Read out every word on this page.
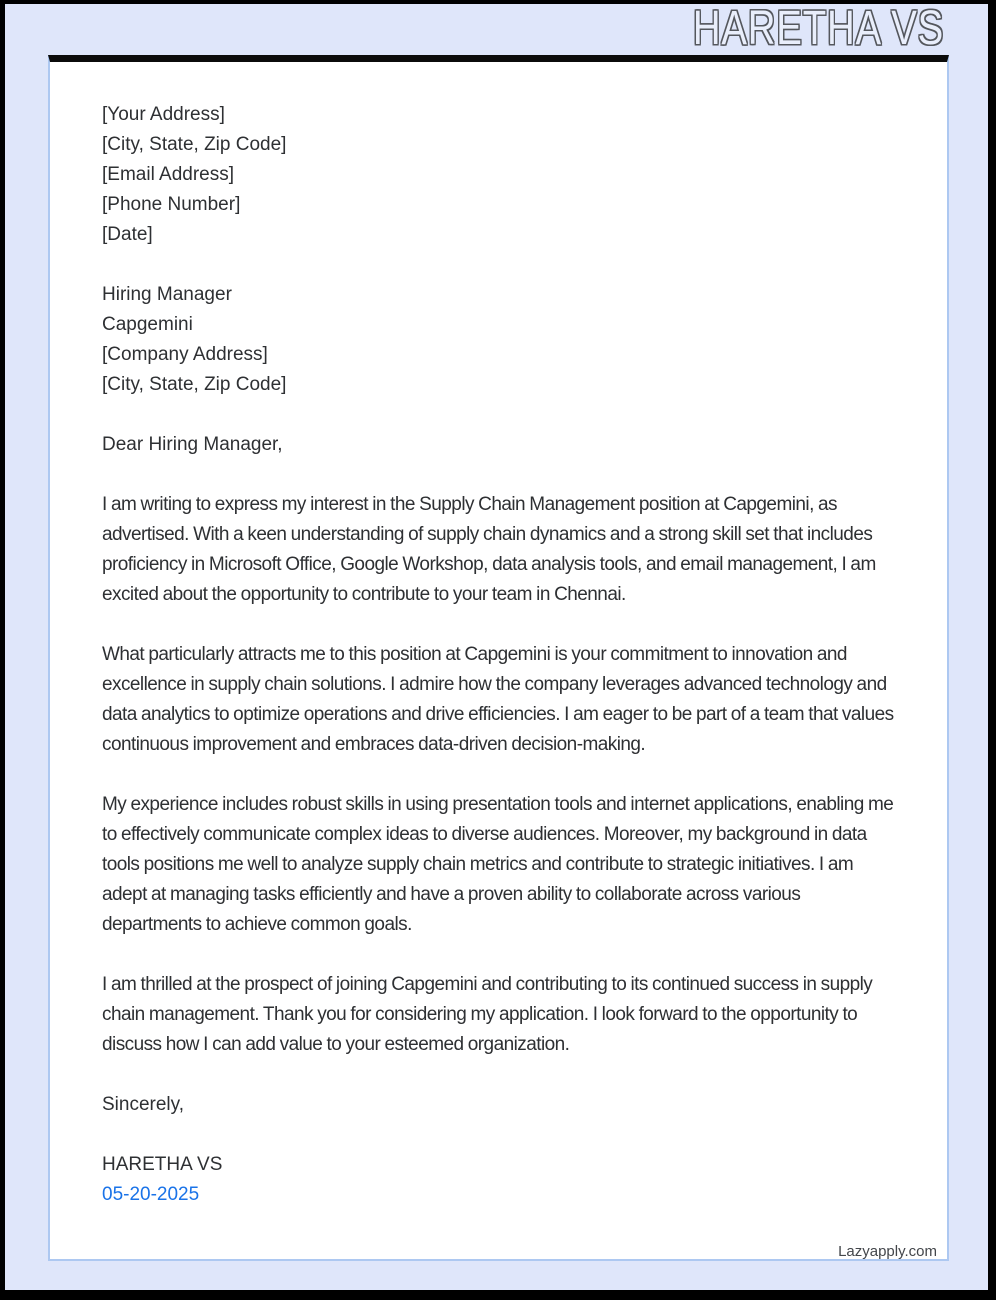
HARETHA VS
[Your Address]
[City, State, Zip Code]
[Email Address]
[Phone Number]
[Date]
Hiring Manager
Capgemini
[Company Address]
[City, State, Zip Code]
Dear Hiring Manager,

I am writing to express my interest in the Supply Chain Management position at Capgemini, as advertised. With a keen understanding of supply chain dynamics and a strong skill set that includes proficiency in Microsoft Office, Google Workshop, data analysis tools, and email management, I am excited about the opportunity to contribute to your team in Chennai.

What particularly attracts me to this position at Capgemini is your commitment to innovation and excellence in supply chain solutions. I admire how the company leverages advanced technology and data analytics to optimize operations and drive efficiencies. I am eager to be part of a team that values continuous improvement and embraces data-driven decision-making.

My experience includes robust skills in using presentation tools and internet applications, enabling me to effectively communicate complex ideas to diverse audiences. Moreover, my background in data tools positions me well to analyze supply chain metrics and contribute to strategic initiatives. I am adept at managing tasks efficiently and have a proven ability to collaborate across various departments to achieve common goals.

I am thrilled at the prospect of joining Capgemini and contributing to its continued success in supply chain management. Thank you for considering my application. I look forward to the opportunity to discuss how I can add value to your esteemed organization.

Sincerely,
HARETHA VS
05-20-2025
Lazyapply.com
